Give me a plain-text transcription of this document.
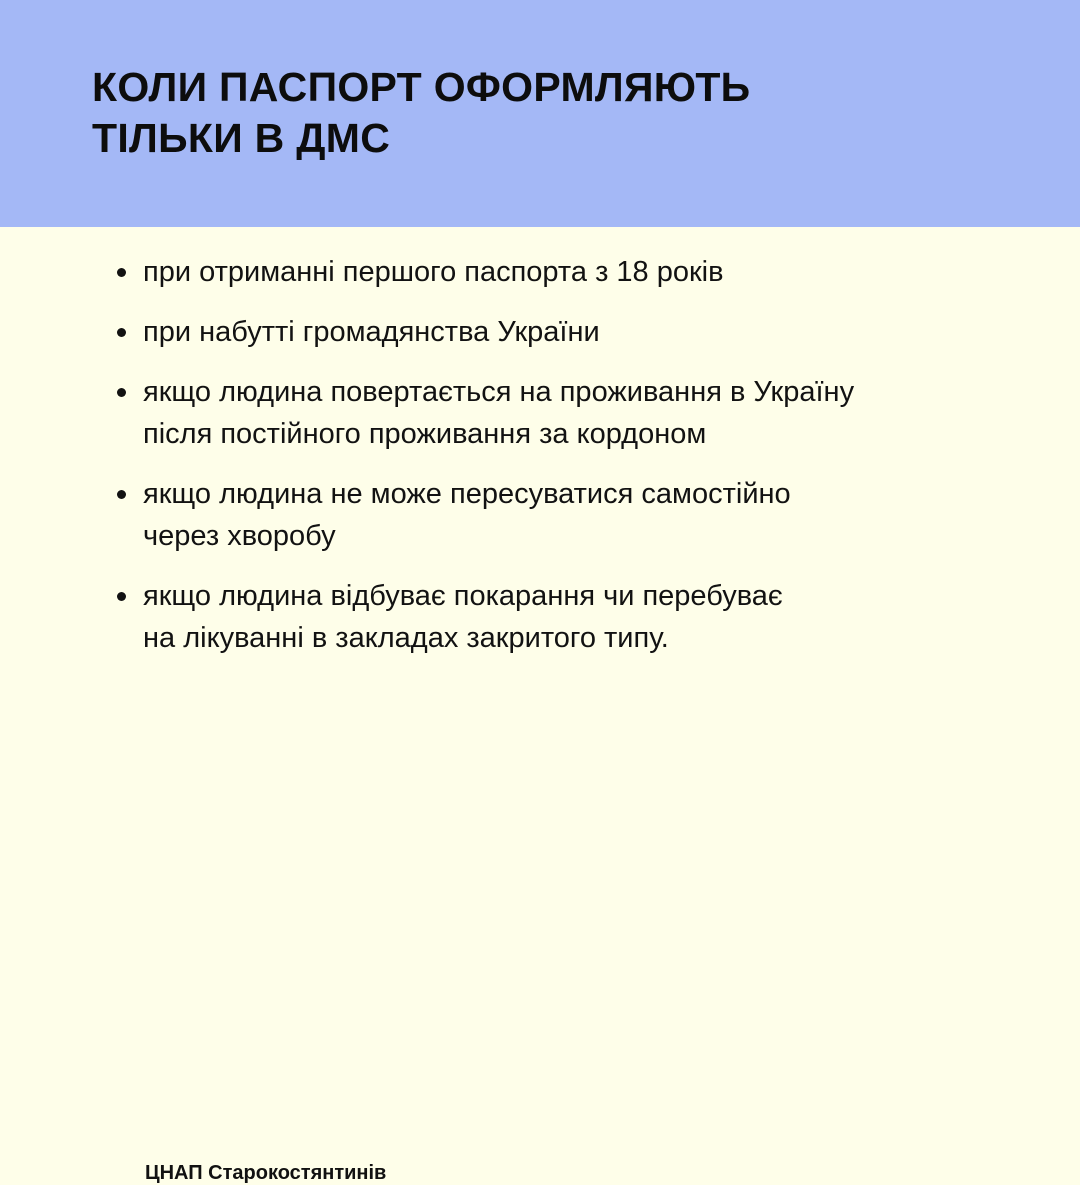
КОЛИ ПАСПОРТ ОФОРМЛЯЮТЬ
ТІЛЬКИ В ДМС
при отриманні першого паспорта з 18 років
при набутті громадянства України
якщо людина повертається на проживання в Україну
після постійного проживання за кордоном
якщо людина не може пересуватися самостійно
через хворобу
якщо людина відбуває покарання чи перебуває
на лікуванні в закладах закритого типу.
ЦНАП Старокостянтинів
